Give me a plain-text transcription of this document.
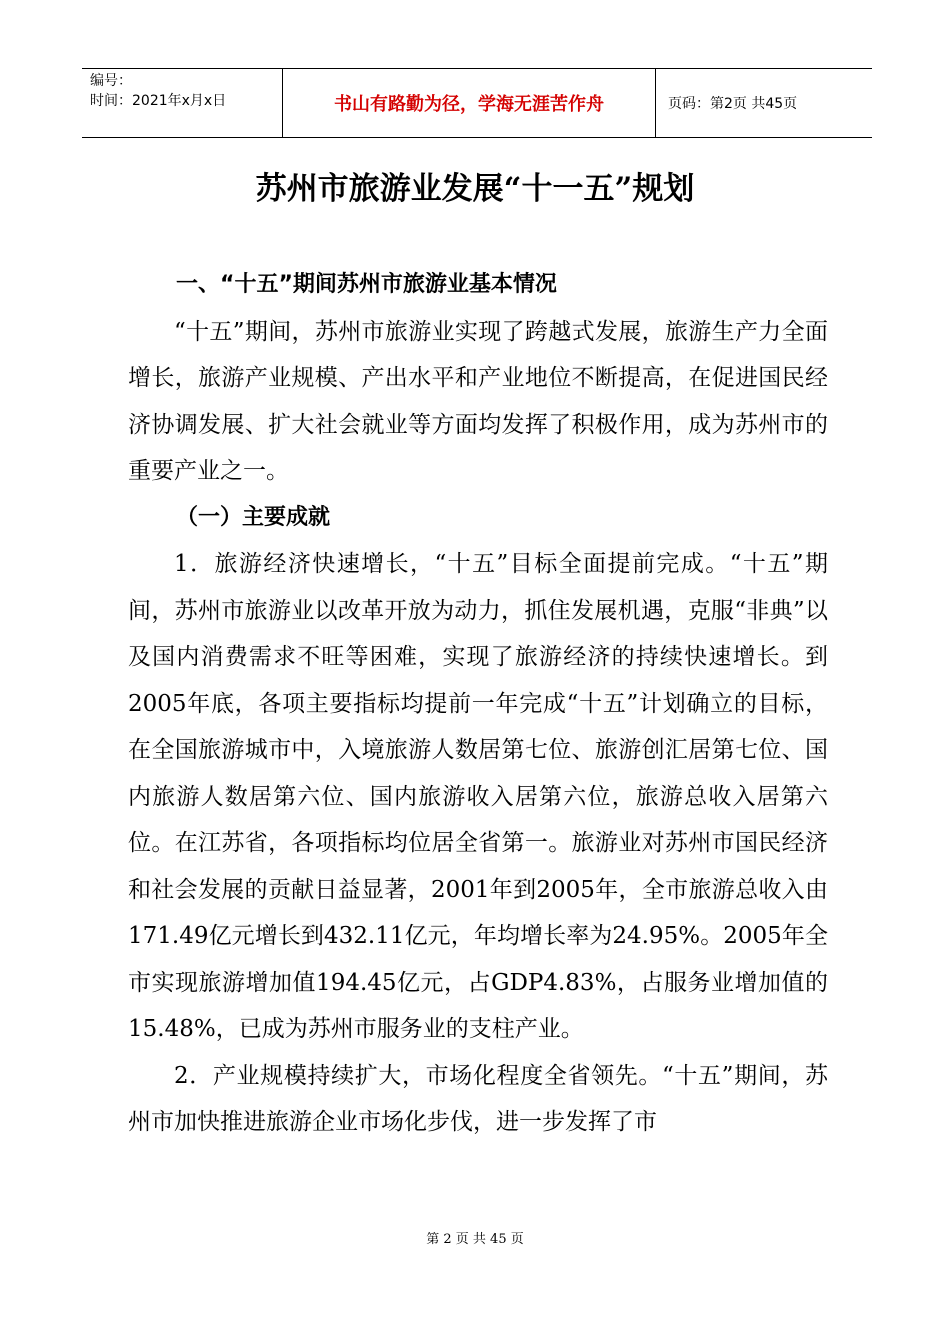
编号：
时间：2021年x月x日	书山有路勤为径，学海无涯苦作舟	页码：第2页 共45页
苏州市旅游业发展“十一五”规划

一、“十五”期间苏州市旅游业基本情况

“十五”期间，苏州市旅游业实现了跨越式发展，旅游生产力全面增长，旅游产业规模、产出水平和产业地位不断提高，在促进国民经济协调发展、扩大社会就业等方面均发挥了积极作用，成为苏州市的重要产业之一。

（一）主要成就

1．旅游经济快速增长，“十五”目标全面提前完成。“十五”期间，苏州市旅游业以改革开放为动力，抓住发展机遇，克服“非典”以及国内消费需求不旺等困难，实现了旅游经济的持续快速增长。到2005年底，各项主要指标均提前一年完成“十五”计划确立的目标，在全国旅游城市中，入境旅游人数居第七位、旅游创汇居第七位、国内旅游人数居第六位、国内旅游收入居第六位，旅游总收入居第六位。在江苏省，各项指标均位居全省第一。旅游业对苏州市国民经济和社会发展的贡献日益显著，2001年到2005年，全市旅游总收入由171.49亿元增长到432.11亿元，年均增长率为24.95%。2005年全市实现旅游增加值194.45亿元，占GDP4.83%，占服务业增加值的15.48%，已成为苏州市服务业的支柱产业。

2．产业规模持续扩大，市场化程度全省领先。“十五”期间，苏州市加快推进旅游企业市场化步伐，进一步发挥了市

第 2 页 共 45 页
